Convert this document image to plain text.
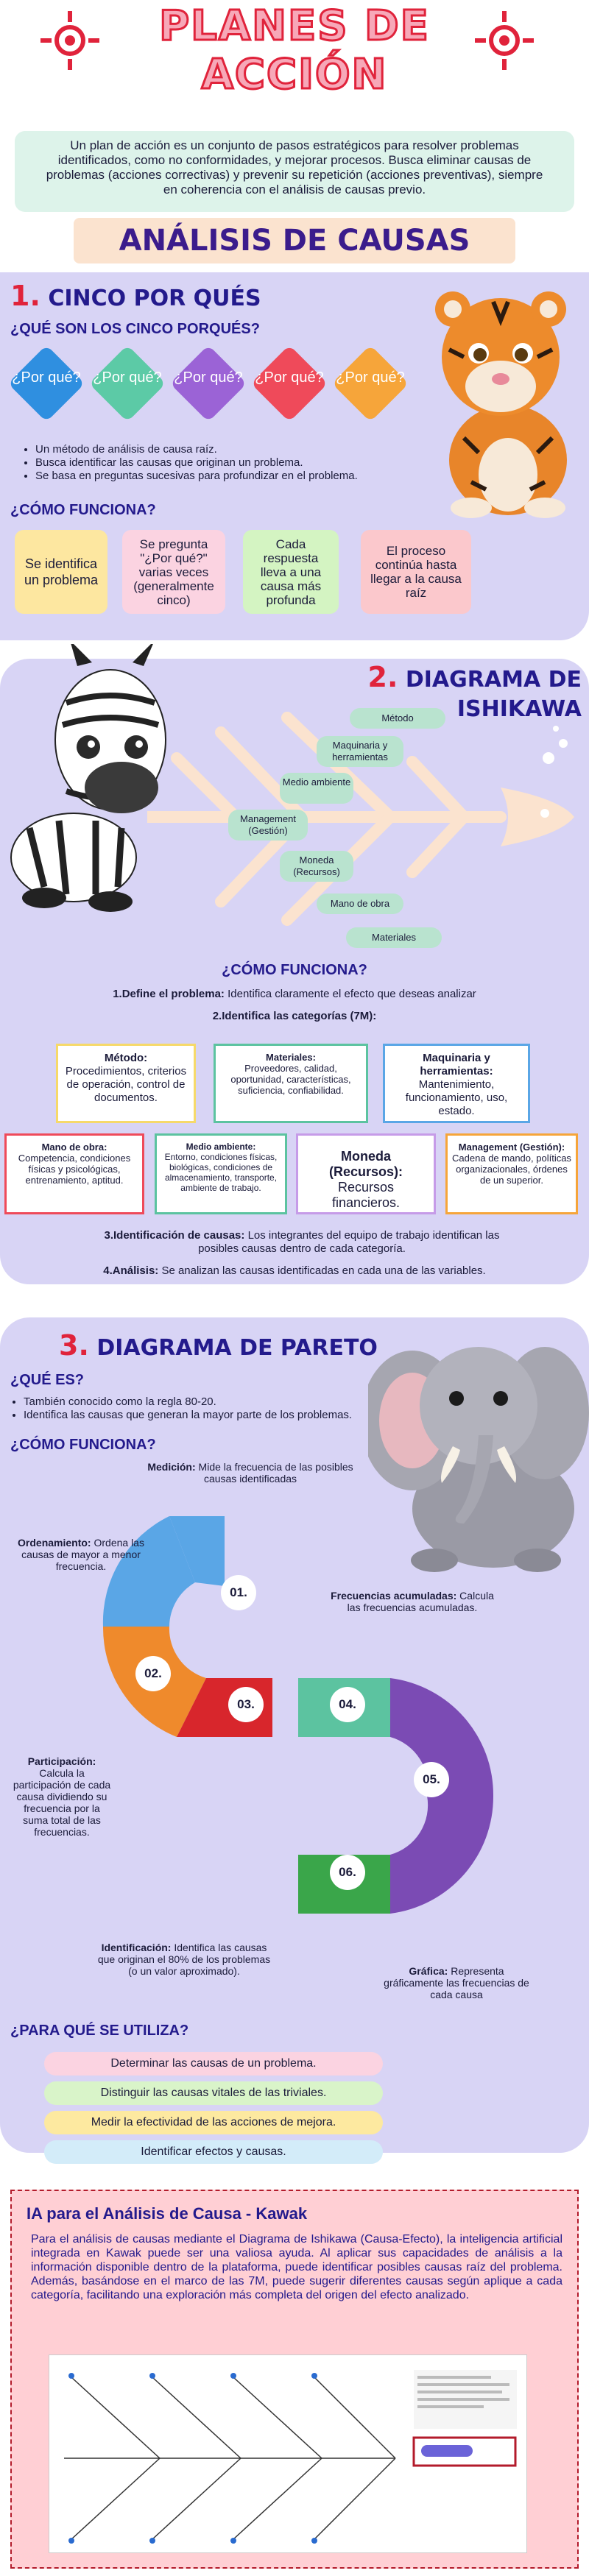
PLANES DE
ACCIÓN

Un plan de acción es un conjunto de pasos estratégicos para resolver problemas identificados, como no conformidades, y mejorar procesos. Busca eliminar causas de problemas (acciones correctivas) y prevenir su repetición (acciones preventivas), siempre en coherencia con el análisis de causas previo.

ANÁLISIS DE CAUSAS
1. CINCO POR QUÉS
¿QUÉ SON LOS CINCO PORQUÉS?
¿Por qué? ¿Por qué? ¿Por qué? ¿Por qué? ¿Por qué?
• Un método de análisis de causa raíz.
• Busca identificar las causas que originan un problema.
• Se basa en preguntas sucesivas para profundizar en el problema.
¿CÓMO FUNCIONA?
Se identifica un problema
Se pregunta "¿Por qué?" varias veces (generalmente cinco)
Cada respuesta lleva a una causa más profunda
El proceso continúa hasta llegar a la causa raíz
2. DIAGRAMA DE ISHIKAWA
Método
Maquinaria y herramientas
Medio ambiente
Management (Gestión)
Moneda (Recursos)
Mano de obra
Materiales
¿CÓMO FUNCIONA?
1.Define el problema: Identifica claramente el efecto que deseas analizar
2.Identifica las categorías (7M):
Método:
Procedimientos, criterios de operación, control de documentos.
Materiales:
Proveedores, calidad, oportunidad, características, suficiencia, confiabilidad.
Maquinaria y herramientas:
Mantenimiento, funcionamiento, uso, estado.
Mano de obra:
Competencia, condiciones físicas y psicológicas, entrenamiento, aptitud.
Medio ambiente:
Entorno, condiciones físicas, biológicas, condiciones de almacenamiento, transporte, ambiente de trabajo.
Moneda (Recursos):
Recursos financieros.
Management (Gestión):
Cadena de mando, políticas organizacionales, órdenes de un superior.
3.Identificación de causas: Los integrantes del equipo de trabajo identifican las posibles causas dentro de cada categoría.
4.Análisis: Se analizan las causas identificadas en cada una de las variables.
3. DIAGRAMA DE PARETO
¿QUÉ ES?
• También conocido como la regla 80-20.
• Identifica las causas que generan la mayor parte de los problemas.
¿CÓMO FUNCIONA?
01.
02.
03.	04.
05.
06.
Medición: Mide la frecuencia de las posibles causas identificadas
Ordenamiento: Ordena las causas de mayor a menor frecuencia.
Participación: Calcula la participación de cada causa dividiendo su frecuencia por la suma total de las frecuencias.
Frecuencias acumuladas: Calcula las frecuencias acumuladas.
Gráfica: Representa gráficamente las frecuencias de cada causa
Identificación: Identifica las causas que originan el 80% de los problemas (o un valor aproximado).
¿PARA QUÉ SE UTILIZA?
Determinar las causas de un problema.
Distinguir las causas vitales de las triviales.
Medir la efectividad de las acciones de mejora.
Identificar efectos y causas.
IA para el Análisis de Causa - Kawak

Para el análisis de causas mediante el Diagrama de Ishikawa (Causa-Efecto), la inteligencia artificial integrada en Kawak puede ser una valiosa ayuda. Al aplicar sus capacidades de análisis a la información disponible dentro de la plataforma, puede identificar posibles causas raíz del problema. Además, basándose en el marco de las 7M, puede sugerir diferentes causas según aplique a cada categoría, facilitando una exploración más completa del origen del efecto analizado.
